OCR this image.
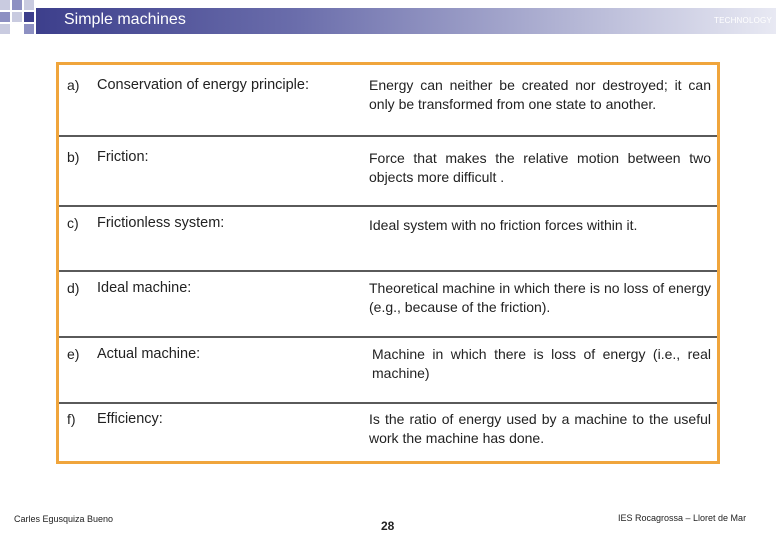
Simple machines	TECHNOLOGY
a) Conservation of energy principle:	Energy can neither be created nor destroyed; it can only be transformed from one state to another.
b) Friction:	Force that makes the relative motion between two objects more difficult .
c) Frictionless system:	Ideal system with no friction forces within it.
d) Ideal machine:	Theoretical machine in which there is no loss of energy (e.g., because of the friction).
e) Actual machine:	Machine in which there is loss of energy (i.e., real machine)
f) Efficiency:	Is the ratio of energy used by a machine to the useful work the machine has done.
Carles Egusquiza Bueno	28
IES Rocagrossa – Lloret de Mar
